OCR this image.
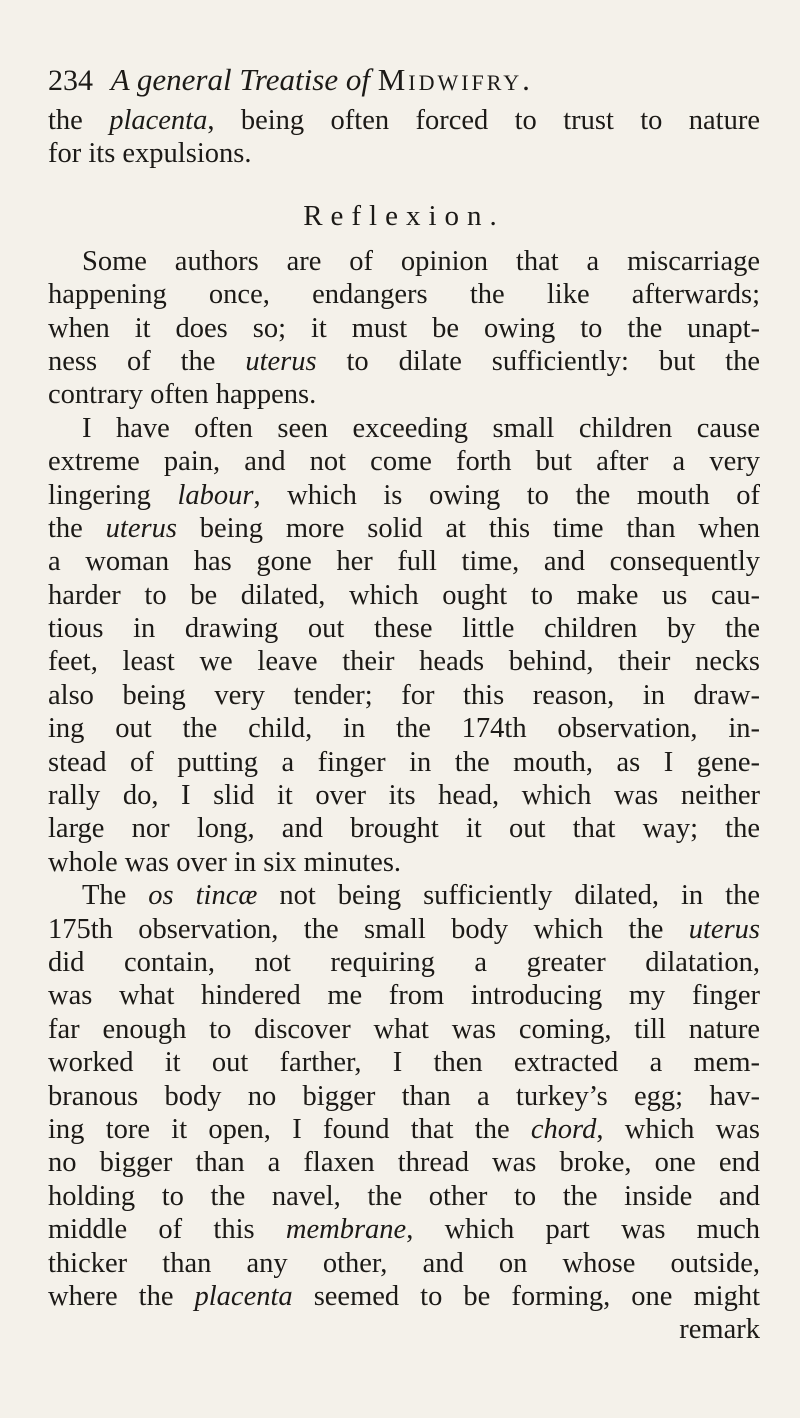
234 A general Treatise of Midwifry.
the placenta, being often forced to trust to nature
for its expulsions.
Reflexion.
Some authors are of opinion that a miscarriage
happening once, endangers the like afterwards;
when it does so; it must be owing to the unapt-
ness of the uterus to dilate sufficiently: but the
contrary often happens.
I have often seen exceeding small children cause
extreme pain, and not come forth but after a very
lingering labour, which is owing to the mouth of
the uterus being more solid at this time than when
a woman has gone her full time, and consequently
harder to be dilated, which ought to make us cau-
tious in drawing out these little children by the
feet, least we leave their heads behind, their necks
also being very tender; for this reason, in draw-
ing out the child, in the 174th observation, in-
stead of putting a finger in the mouth, as I gene-
rally do, I slid it over its head, which was neither
large nor long, and brought it out that way; the
whole was over in six minutes.
The os tincæ not being sufficiently dilated, in the
175th observation, the small body which the uterus
did contain, not requiring a greater dilatation,
was what hindered me from introducing my finger
far enough to discover what was coming, till nature
worked it out farther, I then extracted a mem-
branous body no bigger than a turkey’s egg; hav-
ing tore it open, I found that the chord, which was
no bigger than a flaxen thread was broke, one end
holding to the navel, the other to the inside and
middle of this membrane, which part was much
thicker than any other, and on whose outside,
where the placenta seemed to be forming, one might
remark
